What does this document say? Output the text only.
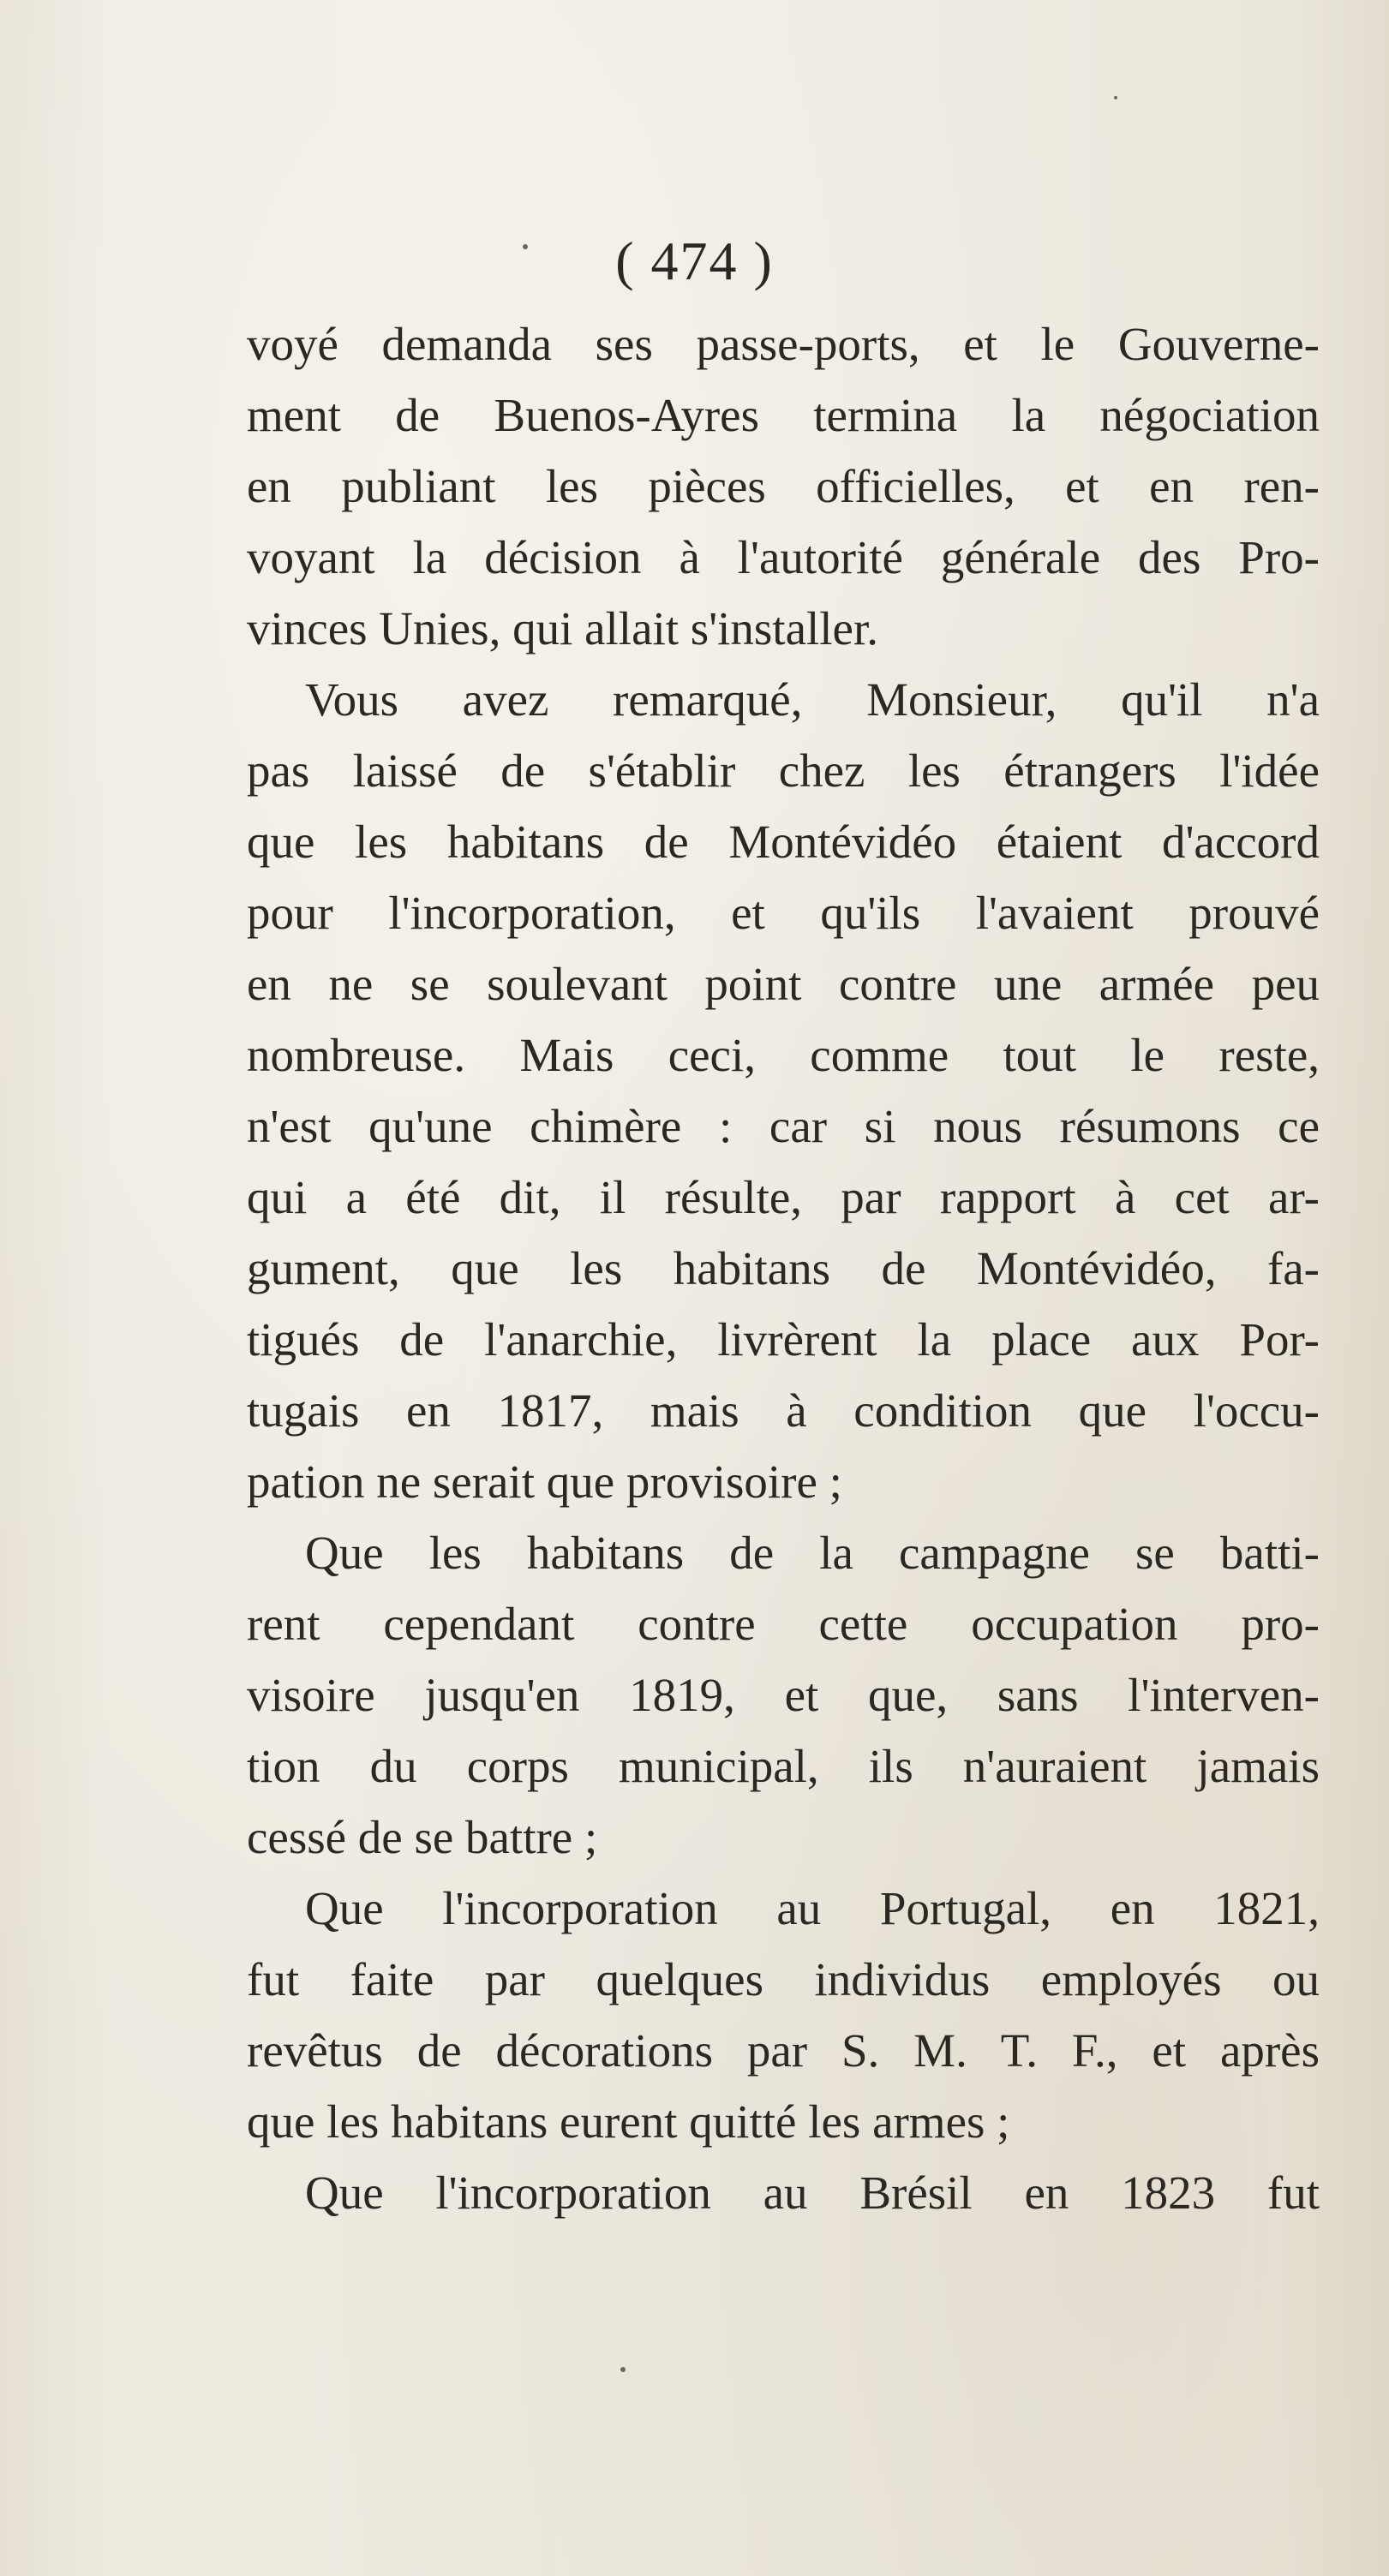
( 474 )
voyé demanda ses passe-ports, et le Gouverne-
ment de Buenos-Ayres termina la négociation
en publiant les pièces officielles, et en ren-
voyant la décision à l'autorité générale des Pro-
vinces Unies, qui allait s'installer.
Vous avez remarqué, Monsieur, qu'il n'a
pas laissé de s'établir chez les étrangers l'idée
que les habitans de Montévidéo étaient d'accord
pour l'incorporation, et qu'ils l'avaient prouvé
en ne se soulevant point contre une armée peu
nombreuse. Mais ceci, comme tout le reste,
n'est qu'une chimère : car si nous résumons ce
qui a été dit, il résulte, par rapport à cet ar-
gument, que les habitans de Montévidéo, fa-
tigués de l'anarchie, livrèrent la place aux Por-
tugais en 1817, mais à condition que l'occu-
pation ne serait que provisoire ;
Que les habitans de la campagne se batti-
rent cependant contre cette occupation pro-
visoire jusqu'en 1819, et que, sans l'interven-
tion du corps municipal, ils n'auraient jamais
cessé de se battre ;
Que l'incorporation au Portugal, en 1821,
fut faite par quelques individus employés ou
revêtus de décorations par S. M. T. F., et après
que les habitans eurent quitté les armes ;
Que l'incorporation au Brésil en 1823 fut
